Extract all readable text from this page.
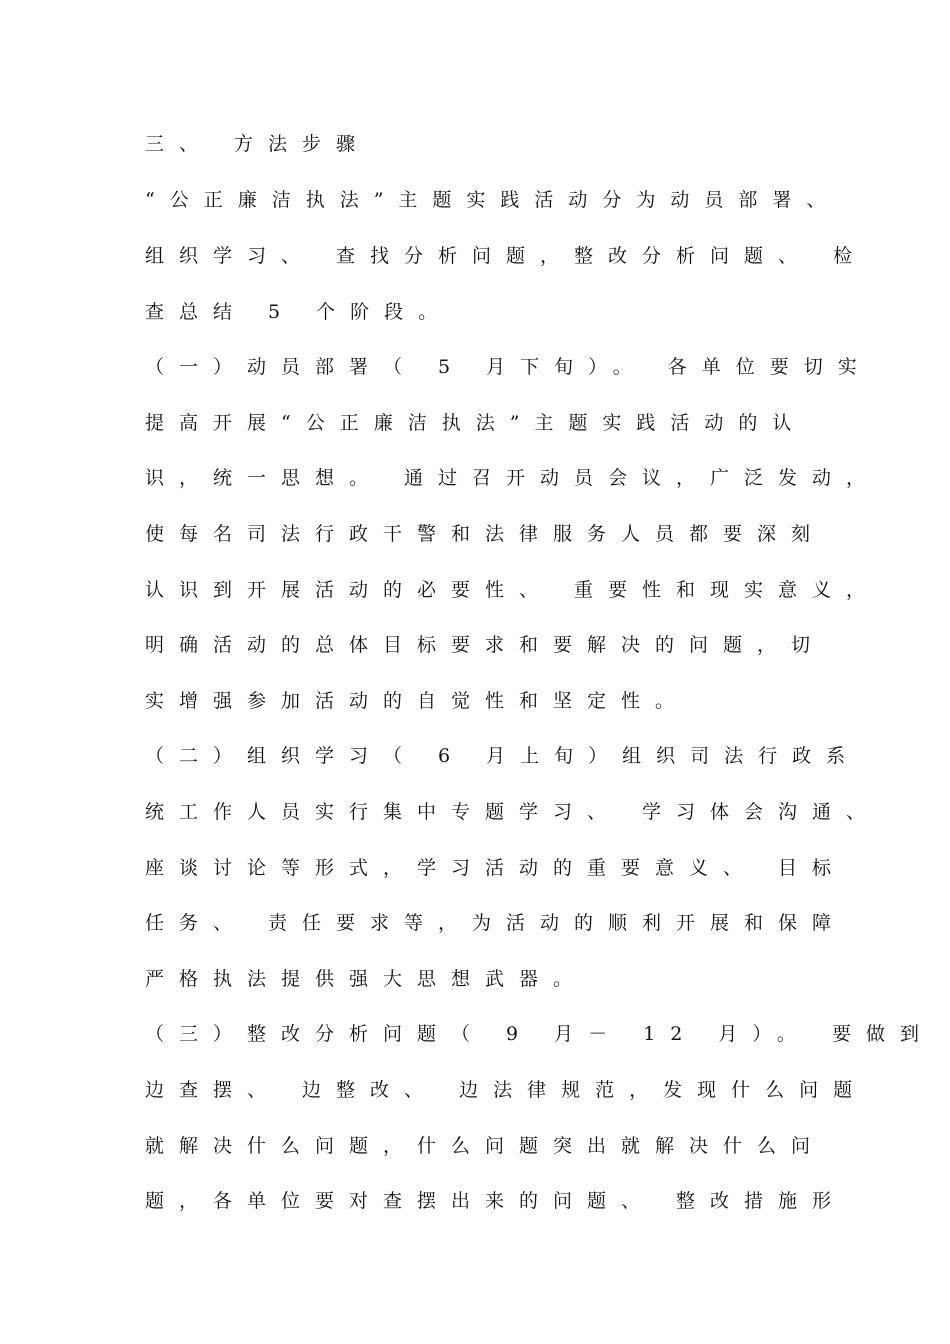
三、 方法步骤
“公正廉洁执法”主题实践活动分为动员部署、
组织学习、 查找分析问题，整改分析问题、 检
查总结 5 个阶段。
（一）动员部署（ 5 月下旬）。 各单位要切实
提高开展“公正廉洁执法”主题实践活动的认
识，统一思想。 通过召开动员会议，广泛发动，
使每名司法行政干警和法律服务人员都要深刻
认识到开展活动的必要性、 重要性和现实意义，
明确活动的总体目标要求和要解决的问题，切
实增强参加活动的自觉性和坚定性。
（二）组织学习（ 6 月上旬）组织司法行政系
统工作人员实行集中专题学习、 学习体会沟通、
座谈讨论等形式，学习活动的重要意义、 目标
任务、 责任要求等，为活动的顺利开展和保障
严格执法提供强大思想武器。
（三）整改分析问题（ 9 月－ 12 月）。 要做到
边查摆、 边整改、 边法律规范，发现什么问题
就解决什么问题，什么问题突出就解决什么问
题，各单位要对查摆出来的问题、 整改措施形
